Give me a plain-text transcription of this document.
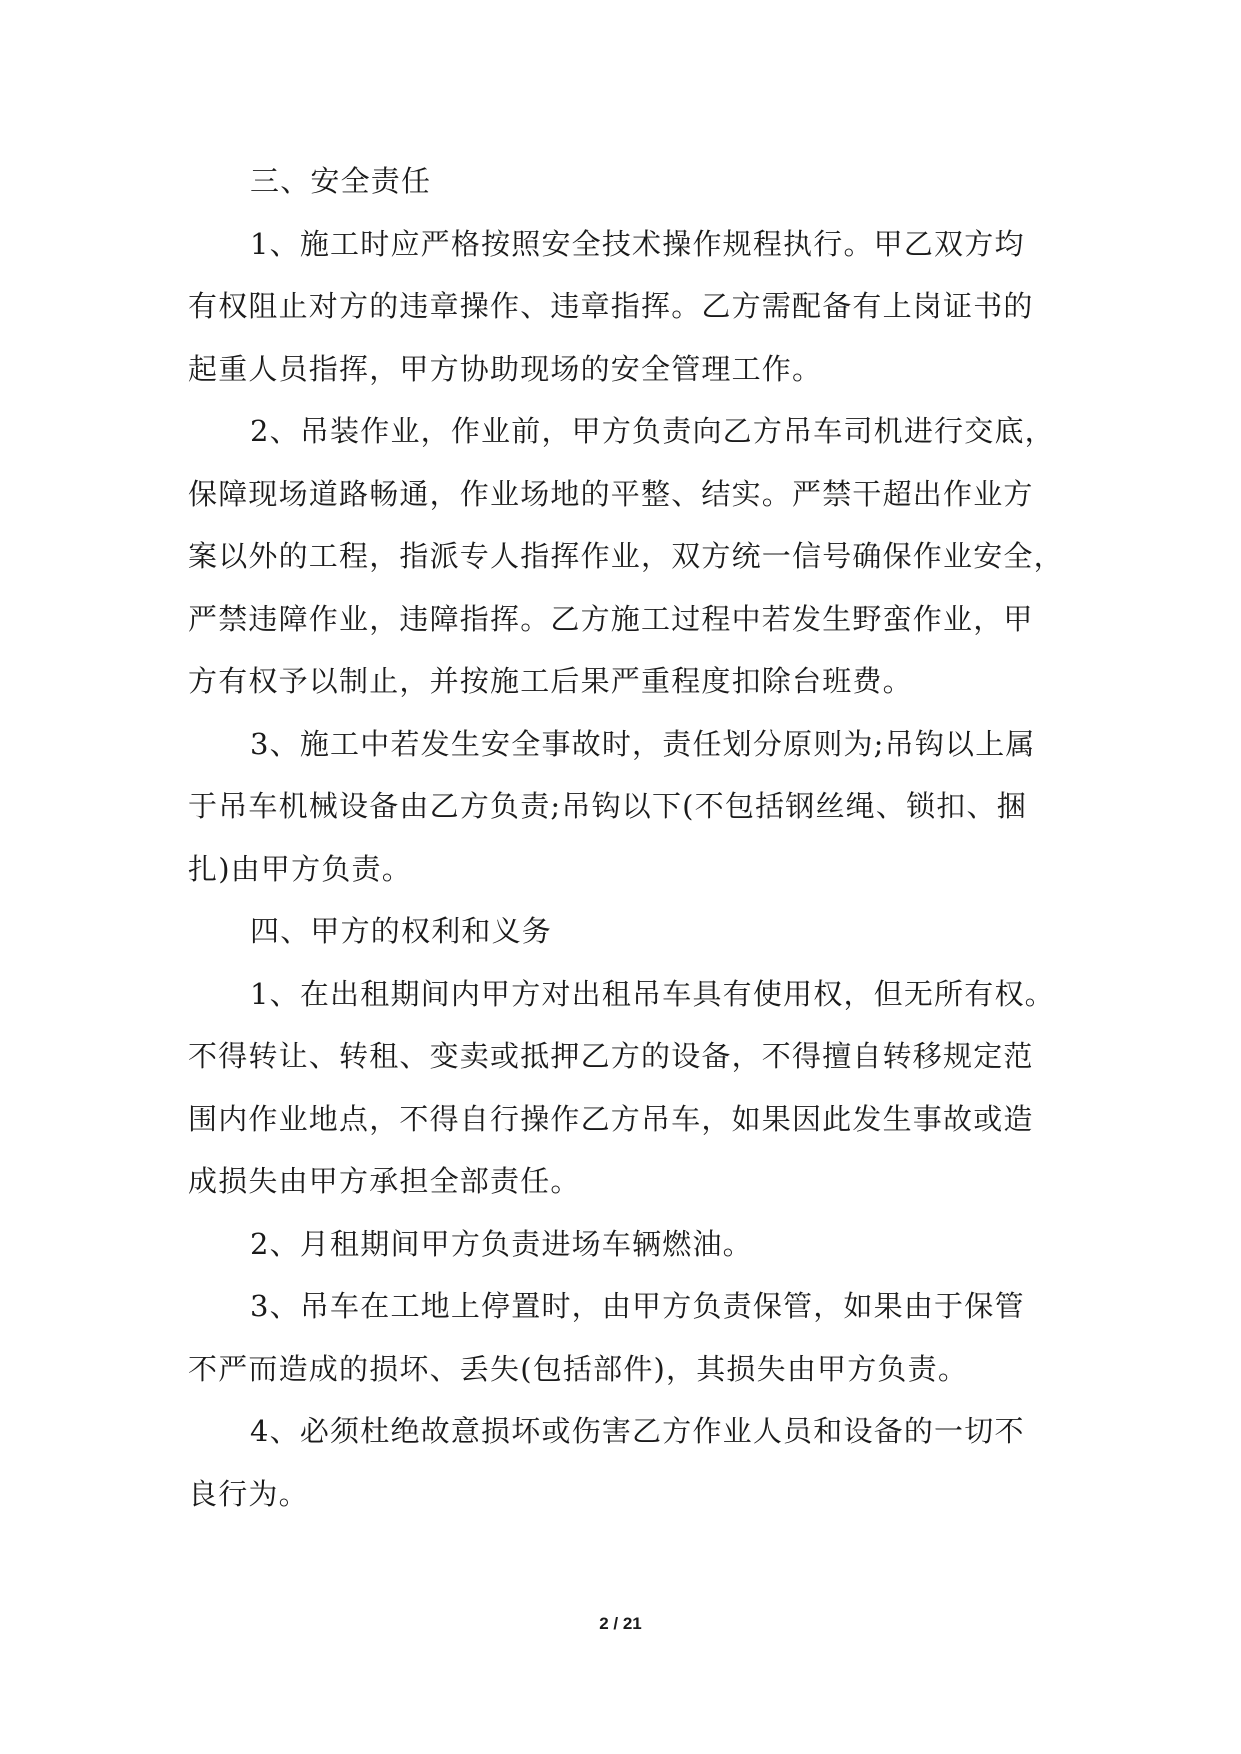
三、安全责任
1、施工时应严格按照安全技术操作规程执行。甲乙双方均
有权阻止对方的违章操作、违章指挥。乙方需配备有上岗证书的
起重人员指挥，甲方协助现场的安全管理工作。
2、吊装作业，作业前，甲方负责向乙方吊车司机进行交底，
保障现场道路畅通，作业场地的平整、结实。严禁干超出作业方
案以外的工程，指派专人指挥作业，双方统一信号确保作业安全，
严禁违障作业，违障指挥。乙方施工过程中若发生野蛮作业，甲
方有权予以制止，并按施工后果严重程度扣除台班费。
3、施工中若发生安全事故时，责任划分原则为;吊钩以上属
于吊车机械设备由乙方负责;吊钩以下(不包括钢丝绳、锁扣、捆
扎)由甲方负责。
四、甲方的权利和义务
1、在出租期间内甲方对出租吊车具有使用权，但无所有权。
不得转让、转租、变卖或抵押乙方的设备，不得擅自转移规定范
围内作业地点，不得自行操作乙方吊车，如果因此发生事故或造
成损失由甲方承担全部责任。
2、月租期间甲方负责进场车辆燃油。
3、吊车在工地上停置时，由甲方负责保管，如果由于保管
不严而造成的损坏、丢失(包括部件)，其损失由甲方负责。
4、必须杜绝故意损坏或伤害乙方作业人员和设备的一切不
良行为。
2 / 21
